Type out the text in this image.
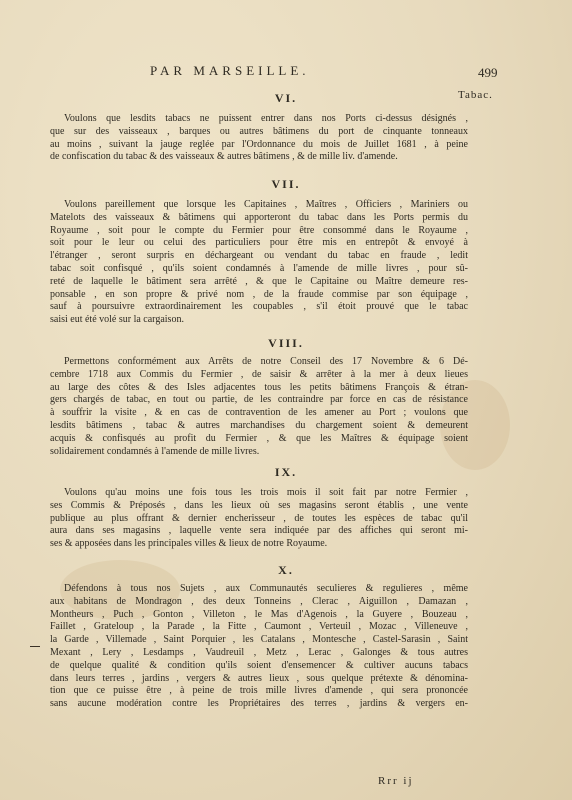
PAR MARSEILLE.	499
Tabac.
VI.
Voulons que lesdits tabacs ne puissent entrer dans nos Ports ci-dessus désignés ,
que sur des vaisseaux , barques ou autres bâtimens du port de cinquante tonneaux
au moins , suivant la jauge reglée par l'Ordonnance du mois de Juillet 1681 , à peine
de confiscation du tabac & des vaisseaux & autres bâtimens , & de mille liv. d'amende.
VII.
Voulons pareillement que lorsque les Capitaines , Maîtres , Officiers , Mariniers ou
Matelots des vaisseaux & bâtimens qui apporteront du tabac dans les Ports permis du
Royaume , soit pour le compte du Fermier pour être consommé dans le Royaume ,
soit pour le leur ou celui des particuliers pour être mis en entrepôt & envoyé à
l'étranger , seront surpris en déchargeant ou vendant du tabac en fraude , ledit
tabac soit confisqué , qu'ils soient condamnés à l'amende de mille livres , pour sû-
reté de laquelle le bâtiment sera arrêté , & que le Capitaine ou Maître demeure res-
ponsable , en son propre & privé nom , de la fraude commise par son équipage ,
sauf à poursuivre extraordinairement les coupables , s'il étoit prouvé que le tabac
saisi eut été volé sur la cargaison.
VIII.
Permettons conformément aux Arrêts de notre Conseil des 17 Novembre & 6 Dé-
cembre 1718 aux Commis du Fermier , de saisir & arrêter à la mer à deux lieues
au large des côtes & des Isles adjacentes tous les petits bâtimens François & étran-
gers chargés de tabac, en tout ou partie, de les contraindre par force en cas de résistance
à souffrir la visite , & en cas de contravention de les amener au Port ; voulons que
lesdits bâtimens , tabac & autres marchandises du chargement soient & demeurent
acquis & confisqués au profit du Fermier , & que les Maîtres & équipage soient
solidairement condamnés à l'amende de mille livres.
IX.
Voulons qu'au moins une fois tous les trois mois il soit fait par notre Fermier ,
ses Commis & Préposés , dans les lieux où ses magasins seront établis , une vente
publique au plus offrant & dernier encherisseur , de toutes les espèces de tabac qu'il
aura dans ses magasins , laquelle vente sera indiquée par des affiches qui seront mi-
ses & apposées dans les principales villes & lieux de notre Royaume.
X.
Défendons à tous nos Sujets , aux Communautés seculieres & regulieres , même
aux habitans de Mondragon , des deux Tonneins , Clerac , Aiguillon , Damazan ,
Montheurs , Puch , Gonton , Villeton , le Mas d'Agenois , la Guyere , Bouzeau ,
Faillet , Grateloup , la Parade , la Fitte , Caumont , Verteuil , Mozac , Villeneuve ,
la Garde , Villemade , Saint Porquier , les Catalans , Montesche , Castel-Sarasin , Saint
Mexant , Lery , Lesdamps , Vaudreuil , Metz , Lerac , Galonges & tous autres
de quelque qualité & condition qu'ils soient d'ensemencer & cultiver aucuns tabacs
dans leurs terres , jardins , vergers & autres lieux , sous quelque prétexte & dénomina-
tion que ce puisse être , à peine de trois mille livres d'amende , qui sera prononcée
sans aucune modération contre les Propriétaires des terres , jardins & vergers en-
Rrr ij
